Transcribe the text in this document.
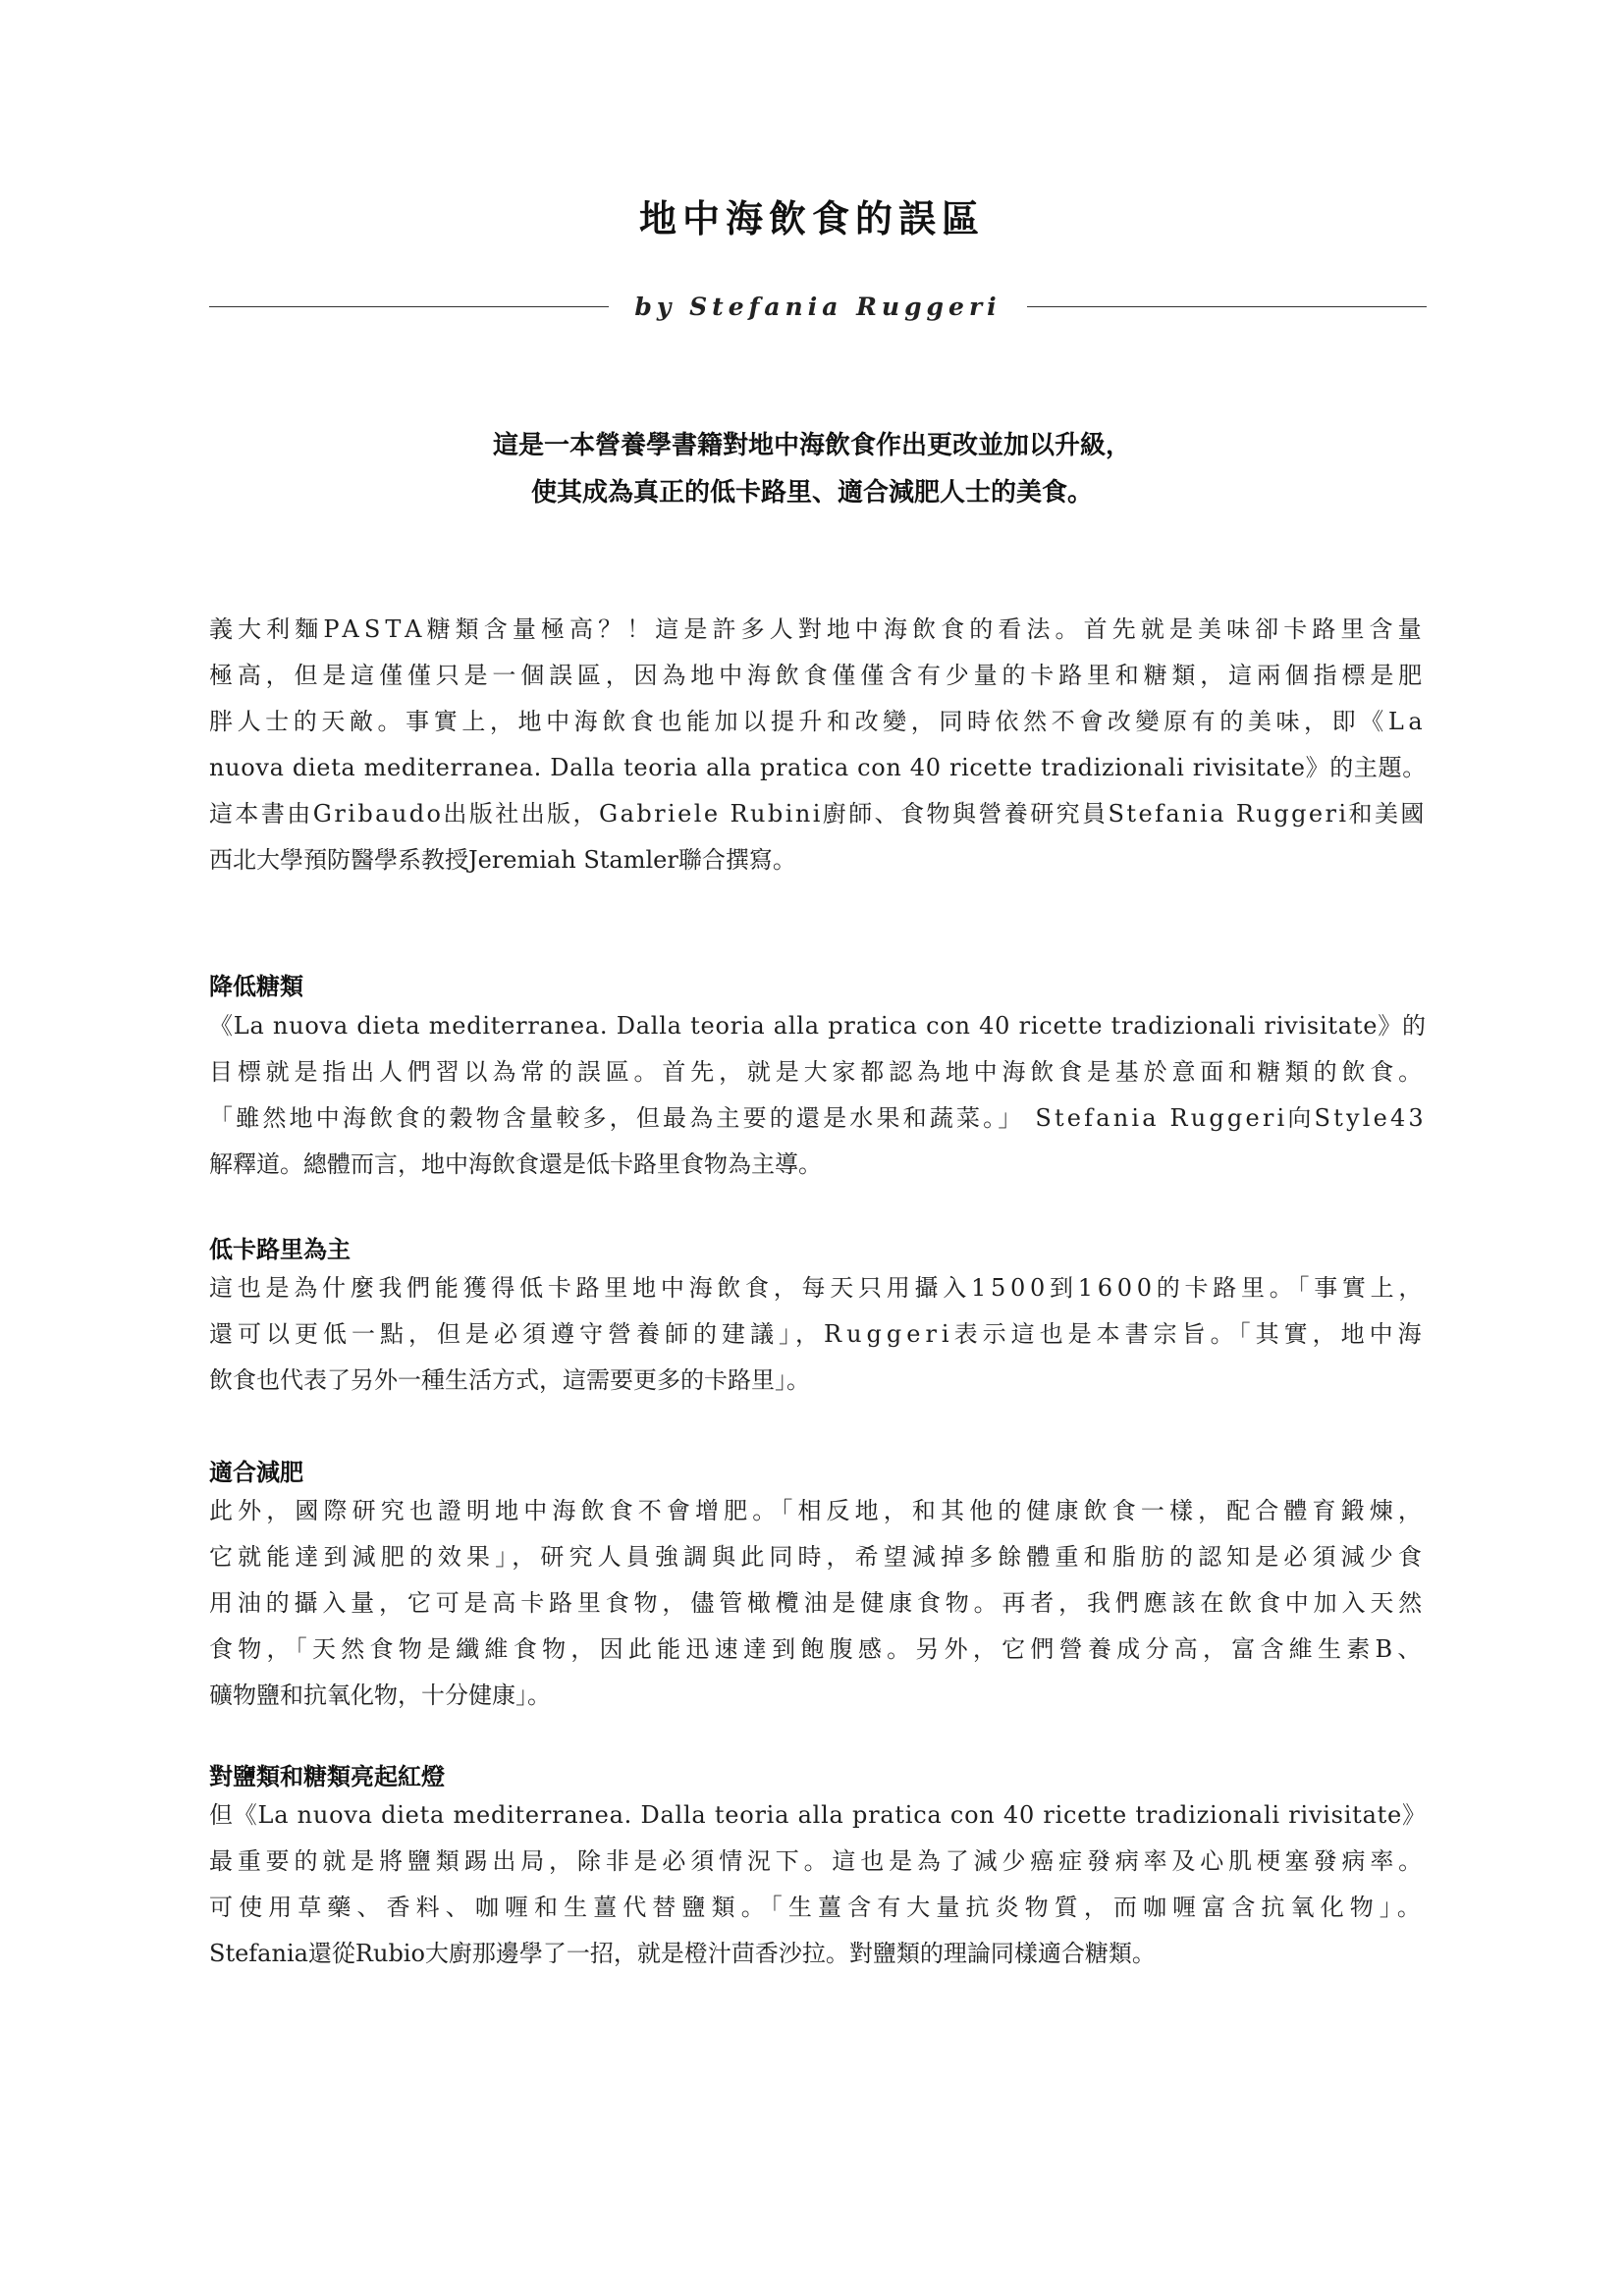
地中海飲食的誤區
by Stefania Ruggeri
這是一本營養學書籍對地中海飲食作出更改並加以升級，
使其成為真正的低卡路里、適合減肥人士的美食。
義大利麵PASTA糖類含量極高？！這是許多人對地中海飲食的看法。首先就是美味卻卡路里含量
極高，但是這僅僅只是一個誤區，因為地中海飲食僅僅含有少量的卡路里和糖類，這兩個指標是肥
胖人士的天敵。事實上，地中海飲食也能加以提升和改變，同時依然不會改變原有的美味，即《La
nuova dieta mediterranea. Dalla teoria alla pratica con 40 ricette tradizionali rivisitate》的主題。
這本書由Gribaudo出版社出版，Gabriele Rubini廚師、食物與營養研究員Stefania Ruggeri和美國
西北大學預防醫學系教授Jeremiah Stamler聯合撰寫。
降低糖類
《La nuova dieta mediterranea. Dalla teoria alla pratica con 40 ricette tradizionali rivisitate》的
目標就是指出人們習以為常的誤區。首先，就是大家都認為地中海飲食是基於意面和糖類的飲食。
「雖然地中海飲食的穀物含量較多，但最為主要的還是水果和蔬菜。」 Stefania Ruggeri向Style43
解釋道。總體而言，地中海飲食還是低卡路里食物為主導。
低卡路里為主
這也是為什麼我們能獲得低卡路里地中海飲食，每天只用攝入1500到1600的卡路里。「事實上，
還可以更低一點，但是必須遵守營養師的建議」，Ruggeri表示這也是本書宗旨。「其實，地中海
飲食也代表了另外一種生活方式，這需要更多的卡路里」。
適合減肥
此外，國際研究也證明地中海飲食不會增肥。「相反地，和其他的健康飲食一樣，配合體育鍛煉，
它就能達到減肥的效果」，研究人員強調與此同時，希望減掉多餘體重和脂肪的認知是必須減少食
用油的攝入量，它可是高卡路里食物，儘管橄欖油是健康食物。再者，我們應該在飲食中加入天然
食物，「天然食物是纖維食物，因此能迅速達到飽腹感。另外，它們營養成分高，富含維生素B、
礦物鹽和抗氧化物，十分健康」。
對鹽類和糖類亮起紅燈
但《La nuova dieta mediterranea. Dalla teoria alla pratica con 40 ricette tradizionali rivisitate》
最重要的就是將鹽類踢出局，除非是必須情況下。這也是為了減少癌症發病率及心肌梗塞發病率。
可使用草藥、香料、咖喱和生薑代替鹽類。「生薑含有大量抗炎物質，而咖喱富含抗氧化物」。
Stefania還從Rubio大廚那邊學了一招，就是橙汁茴香沙拉。對鹽類的理論同樣適合糖類。
